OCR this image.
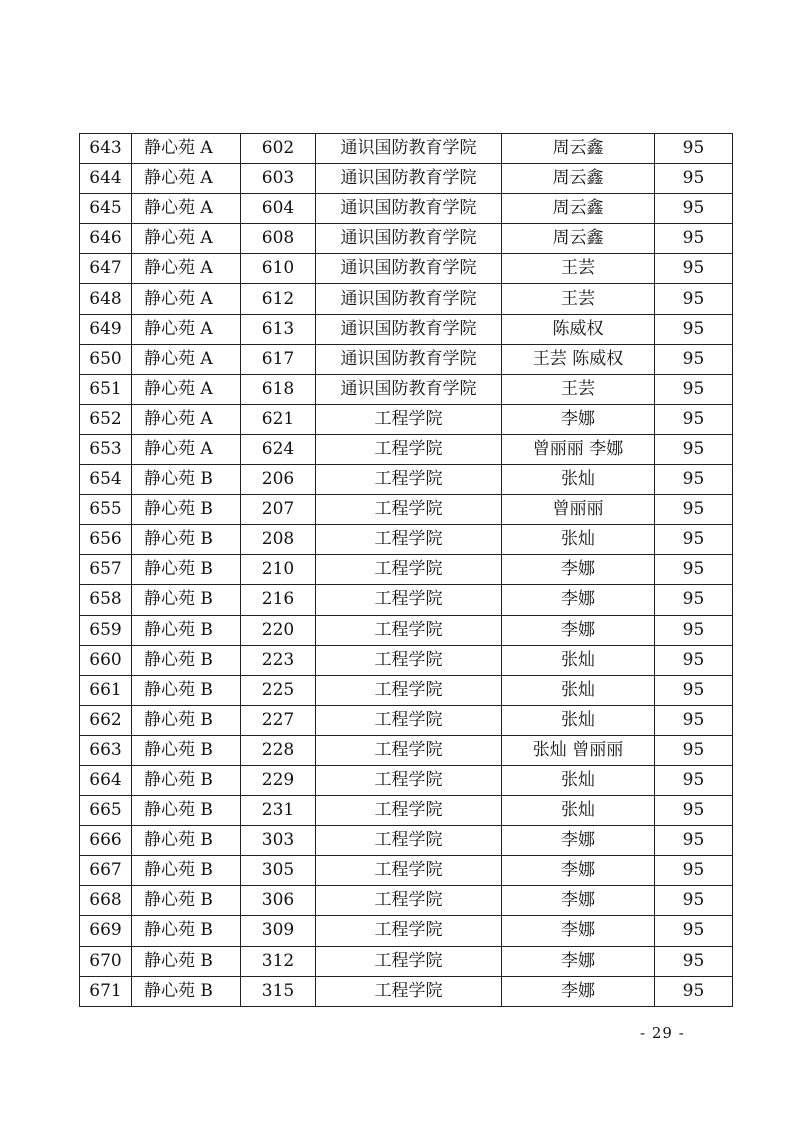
643	静心苑 A	602	通识国防教育学院	周云鑫	95
644	静心苑 A	603	通识国防教育学院	周云鑫	95
645	静心苑 A	604	通识国防教育学院	周云鑫	95
646	静心苑 A	608	通识国防教育学院	周云鑫	95
647	静心苑 A	610	通识国防教育学院	王芸	95
648	静心苑 A	612	通识国防教育学院	王芸	95
649	静心苑 A	613	通识国防教育学院	陈威权	95
650	静心苑 A	617	通识国防教育学院	王芸 陈威权	95
651	静心苑 A	618	通识国防教育学院	王芸	95
652	静心苑 A	621	工程学院	李娜	95
653	静心苑 A	624	工程学院	曾丽丽 李娜	95
654	静心苑 B	206	工程学院	张灿	95
655	静心苑 B	207	工程学院	曾丽丽	95
656	静心苑 B	208	工程学院	张灿	95
657	静心苑 B	210	工程学院	李娜	95
658	静心苑 B	216	工程学院	李娜	95
659	静心苑 B	220	工程学院	李娜	95
660	静心苑 B	223	工程学院	张灿	95
661	静心苑 B	225	工程学院	张灿	95
662	静心苑 B	227	工程学院	张灿	95
663	静心苑 B	228	工程学院	张灿 曾丽丽	95
664	静心苑 B	229	工程学院	张灿	95
665	静心苑 B	231	工程学院	张灿	95
666	静心苑 B	303	工程学院	李娜	95
667	静心苑 B	305	工程学院	李娜	95
668	静心苑 B	306	工程学院	李娜	95
669	静心苑 B	309	工程学院	李娜	95
670	静心苑 B	312	工程学院	李娜	95
671	静心苑 B	315	工程学院	李娜	95
- 29 -
